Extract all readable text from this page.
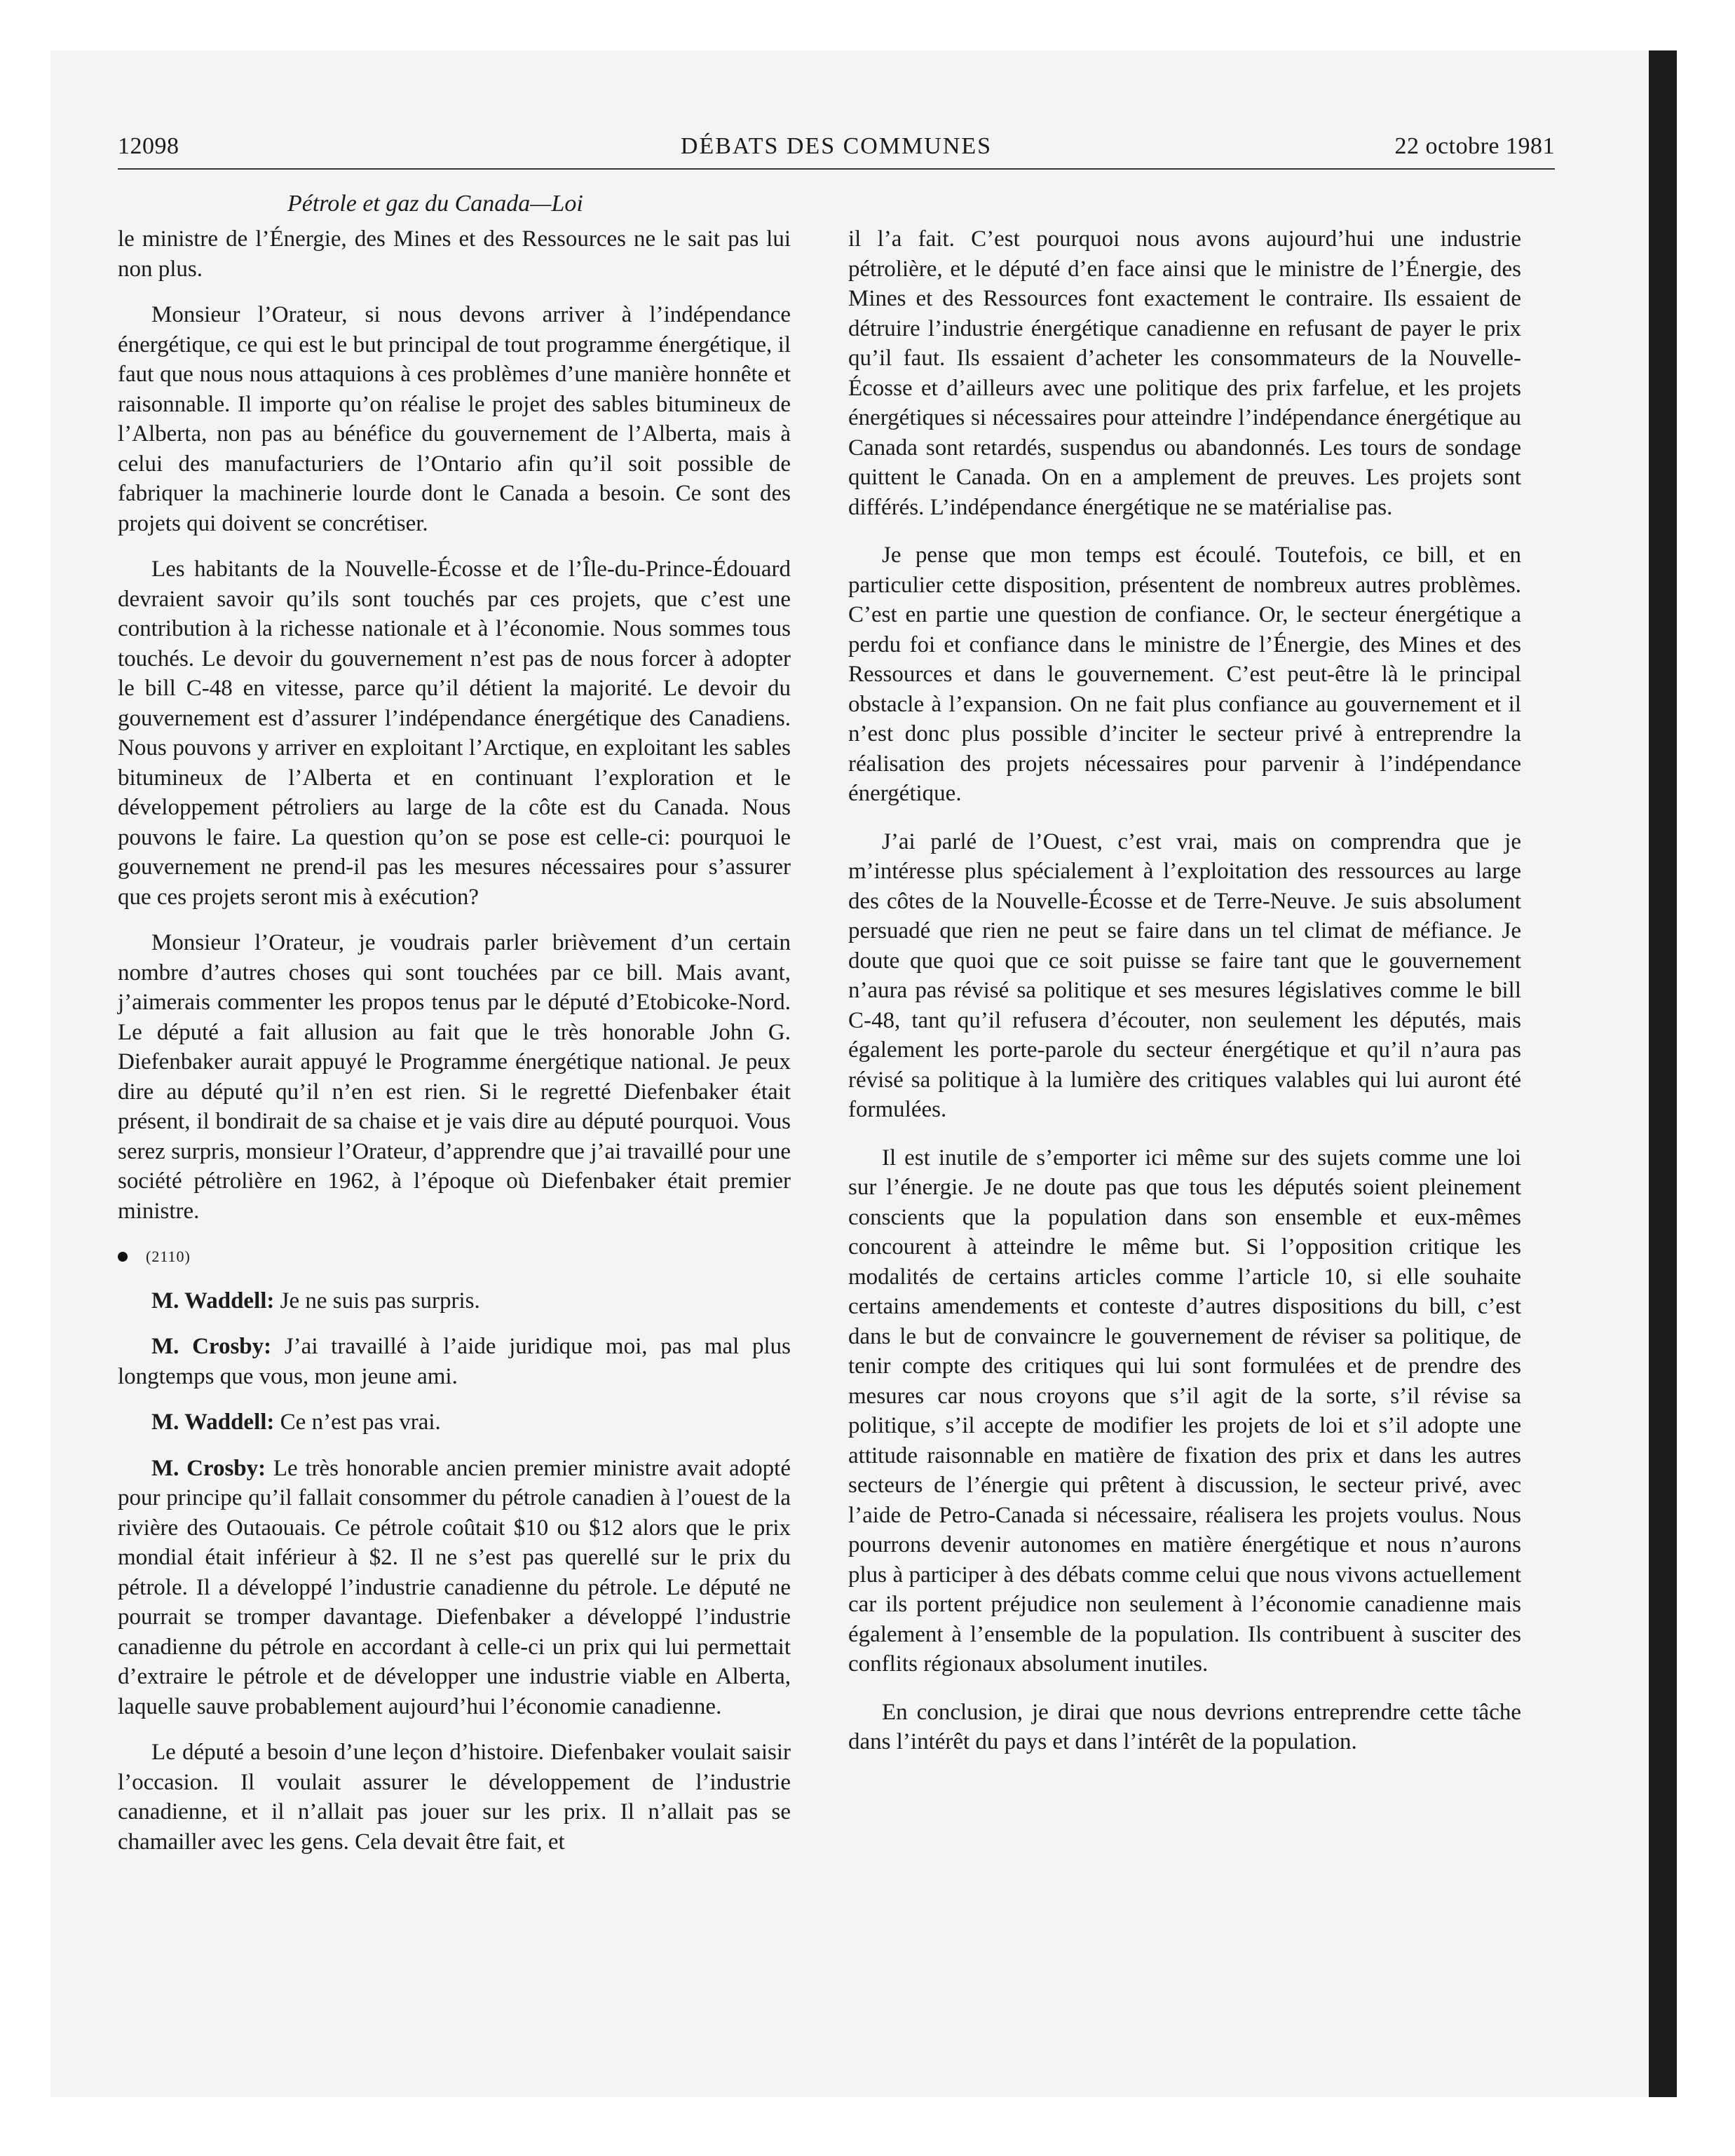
12098	DÉBATS DES COMMUNES	22 octobre 1981
Pétrole et gaz du Canada—Loi

le ministre de l’Énergie, des Mines et des Ressources ne le sait pas lui non plus.

Monsieur l’Orateur, si nous devons arriver à l’indépendance énergétique, ce qui est le but principal de tout programme énergétique, il faut que nous nous attaquions à ces problèmes d’une manière honnête et raisonnable. Il importe qu’on réalise le projet des sables bitumineux de l’Alberta, non pas au bénéfice du gouvernement de l’Alberta, mais à celui des manufacturiers de l’Ontario afin qu’il soit possible de fabriquer la machinerie lourde dont le Canada a besoin. Ce sont des projets qui doivent se concrétiser.

Les habitants de la Nouvelle-Écosse et de l’Île-du-Prince-Édouard devraient savoir qu’ils sont touchés par ces projets, que c’est une contribution à la richesse nationale et à l’économie. Nous sommes tous touchés. Le devoir du gouvernement n’est pas de nous forcer à adopter le bill C-48 en vitesse, parce qu’il détient la majorité. Le devoir du gouvernement est d’assurer l’indépendance énergétique des Canadiens. Nous pouvons y arriver en exploitant l’Arctique, en exploitant les sables bitumineux de l’Alberta et en continuant l’exploration et le développement pétroliers au large de la côte est du Canada. Nous pouvons le faire. La question qu’on se pose est celle-ci: pourquoi le gouvernement ne prend-il pas les mesures nécessaires pour s’assurer que ces projets seront mis à exécution?

Monsieur l’Orateur, je voudrais parler brièvement d’un certain nombre d’autres choses qui sont touchées par ce bill. Mais avant, j’aimerais commenter les propos tenus par le député d’Etobicoke-Nord. Le député a fait allusion au fait que le très honorable John G. Diefenbaker aurait appuyé le Programme énergétique national. Je peux dire au député qu’il n’en est rien. Si le regretté Diefenbaker était présent, il bondirait de sa chaise et je vais dire au député pourquoi. Vous serez surpris, monsieur l’Orateur, d’apprendre que j’ai travaillé pour une société pétrolière en 1962, à l’époque où Diefenbaker était premier ministre.

(2110)

M. Waddell: Je ne suis pas surpris.

M. Crosby: J’ai travaillé à l’aide juridique moi, pas mal plus longtemps que vous, mon jeune ami.

M. Waddell: Ce n’est pas vrai.

M. Crosby: Le très honorable ancien premier ministre avait adopté pour principe qu’il fallait consommer du pétrole canadien à l’ouest de la rivière des Outaouais. Ce pétrole coûtait $10 ou $12 alors que le prix mondial était inférieur à $2. Il ne s’est pas querellé sur le prix du pétrole. Il a développé l’industrie canadienne du pétrole. Le député ne pourrait se tromper davantage. Diefenbaker a développé l’industrie canadienne du pétrole en accordant à celle-ci un prix qui lui permettait d’extraire le pétrole et de développer une industrie viable en Alberta, laquelle sauve probablement aujourd’hui l’économie canadienne.

Le député a besoin d’une leçon d’histoire. Diefenbaker voulait saisir l’occasion. Il voulait assurer le développement de l’industrie canadienne, et il n’allait pas jouer sur les prix. Il n’allait pas se chamailler avec les gens. Cela devait être fait, et

il l’a fait. C’est pourquoi nous avons aujourd’hui une industrie pétrolière, et le député d’en face ainsi que le ministre de l’Énergie, des Mines et des Ressources font exactement le contraire. Ils essaient de détruire l’industrie énergétique canadienne en refusant de payer le prix qu’il faut. Ils essaient d’acheter les consommateurs de la Nouvelle-Écosse et d’ailleurs avec une politique des prix farfelue, et les projets énergétiques si nécessaires pour atteindre l’indépendance énergétique au Canada sont retardés, suspendus ou abandonnés. Les tours de sondage quittent le Canada. On en a amplement de preuves. Les projets sont différés. L’indépendance énergétique ne se matérialise pas.

Je pense que mon temps est écoulé. Toutefois, ce bill, et en particulier cette disposition, présentent de nombreux autres problèmes. C’est en partie une question de confiance. Or, le secteur énergétique a perdu foi et confiance dans le ministre de l’Énergie, des Mines et des Ressources et dans le gouvernement. C’est peut-être là le principal obstacle à l’expansion. On ne fait plus confiance au gouvernement et il n’est donc plus possible d’inciter le secteur privé à entreprendre la réalisation des projets nécessaires pour parvenir à l’indépendance énergétique.

J’ai parlé de l’Ouest, c’est vrai, mais on comprendra que je m’intéresse plus spécialement à l’exploitation des ressources au large des côtes de la Nouvelle-Écosse et de Terre-Neuve. Je suis absolument persuadé que rien ne peut se faire dans un tel climat de méfiance. Je doute que quoi que ce soit puisse se faire tant que le gouvernement n’aura pas révisé sa politique et ses mesures législatives comme le bill C-48, tant qu’il refusera d’écouter, non seulement les députés, mais également les porte-parole du secteur énergétique et qu’il n’aura pas révisé sa politique à la lumière des critiques valables qui lui auront été formulées.

Il est inutile de s’emporter ici même sur des sujets comme une loi sur l’énergie. Je ne doute pas que tous les députés soient pleinement conscients que la population dans son ensemble et eux-mêmes concourent à atteindre le même but. Si l’opposition critique les modalités de certains articles comme l’article 10, si elle souhaite certains amendements et conteste d’autres dispositions du bill, c’est dans le but de convaincre le gouvernement de réviser sa politique, de tenir compte des critiques qui lui sont formulées et de prendre des mesures car nous croyons que s’il agit de la sorte, s’il révise sa politique, s’il accepte de modifier les projets de loi et s’il adopte une attitude raisonnable en matière de fixation des prix et dans les autres secteurs de l’énergie qui prêtent à discussion, le secteur privé, avec l’aide de Petro-Canada si nécessaire, réalisera les projets voulus. Nous pourrons devenir autonomes en matière énergétique et nous n’aurons plus à participer à des débats comme celui que nous vivons actuellement car ils portent préjudice non seulement à l’économie canadienne mais également à l’ensemble de la population. Ils contribuent à susciter des conflits régionaux absolument inutiles.

En conclusion, je dirai que nous devrions entreprendre cette tâche dans l’intérêt du pays et dans l’intérêt de la population.
